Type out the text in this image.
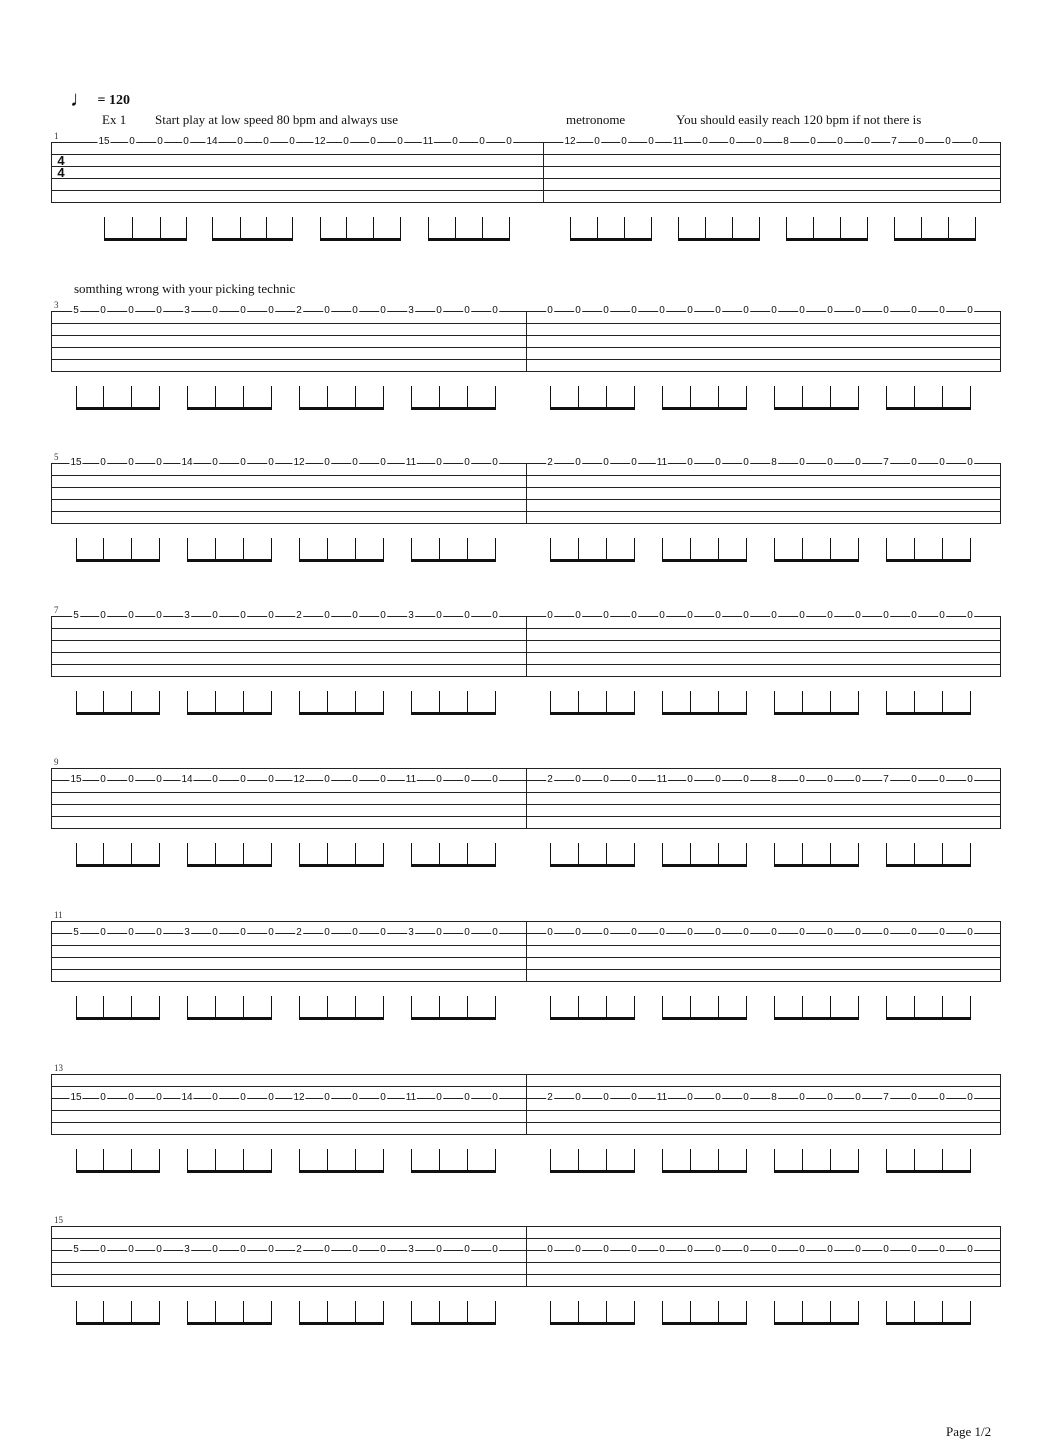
♩ = 120
Ex 1 Start play at low speed 80 bpm and always use	metronome	You should easily reach 120 bpm if not there is
somthing wrong with your picking technic
1
4
4
15 0 0 0 14 0 0 0 12 0 0 0 11 0 0 0	12 0 0 0 11 0 0 0 8 0 0 0 7 0 0 0
3 5 0 0 0 3 0 0 0 2 0 0 0 3 0 0 0	0 0 0 0 0 0 0 0 0 0 0 0 0 0 0 0
5 15 0 0 0 14 0 0 0 12 0 0 0 11 0 0 0	2 0 0 0 11 0 0 0 8 0 0 0 7 0 0 0
7 5 0 0 0 3 0 0 0 2 0 0 0 3 0 0 0	0 0 0 0 0 0 0 0 0 0 0 0 0 0 0 0
9
15 0 0 0 14 0 0 0 12 0 0 0 11 0 0 0	2 0 0 0 11 0 0 0 8 0 0 0 7 0 0 0
11
5 0 0 0 3 0 0 0 2 0 0 0 3 0 0 0	0 0 0 0 0 0 0 0 0 0 0 0 0 0 0 0
13
15 0 0 0 14 0 0 0 12 0 0 0 11 0 0 0	2 0 0 0 11 0 0 0 8 0 0 0 7 0 0 0
15
5 0 0 0 3 0 0 0 2 0 0 0 3 0 0 0	0 0 0 0 0 0 0 0 0 0 0 0 0 0 0 0
Page 1/2
